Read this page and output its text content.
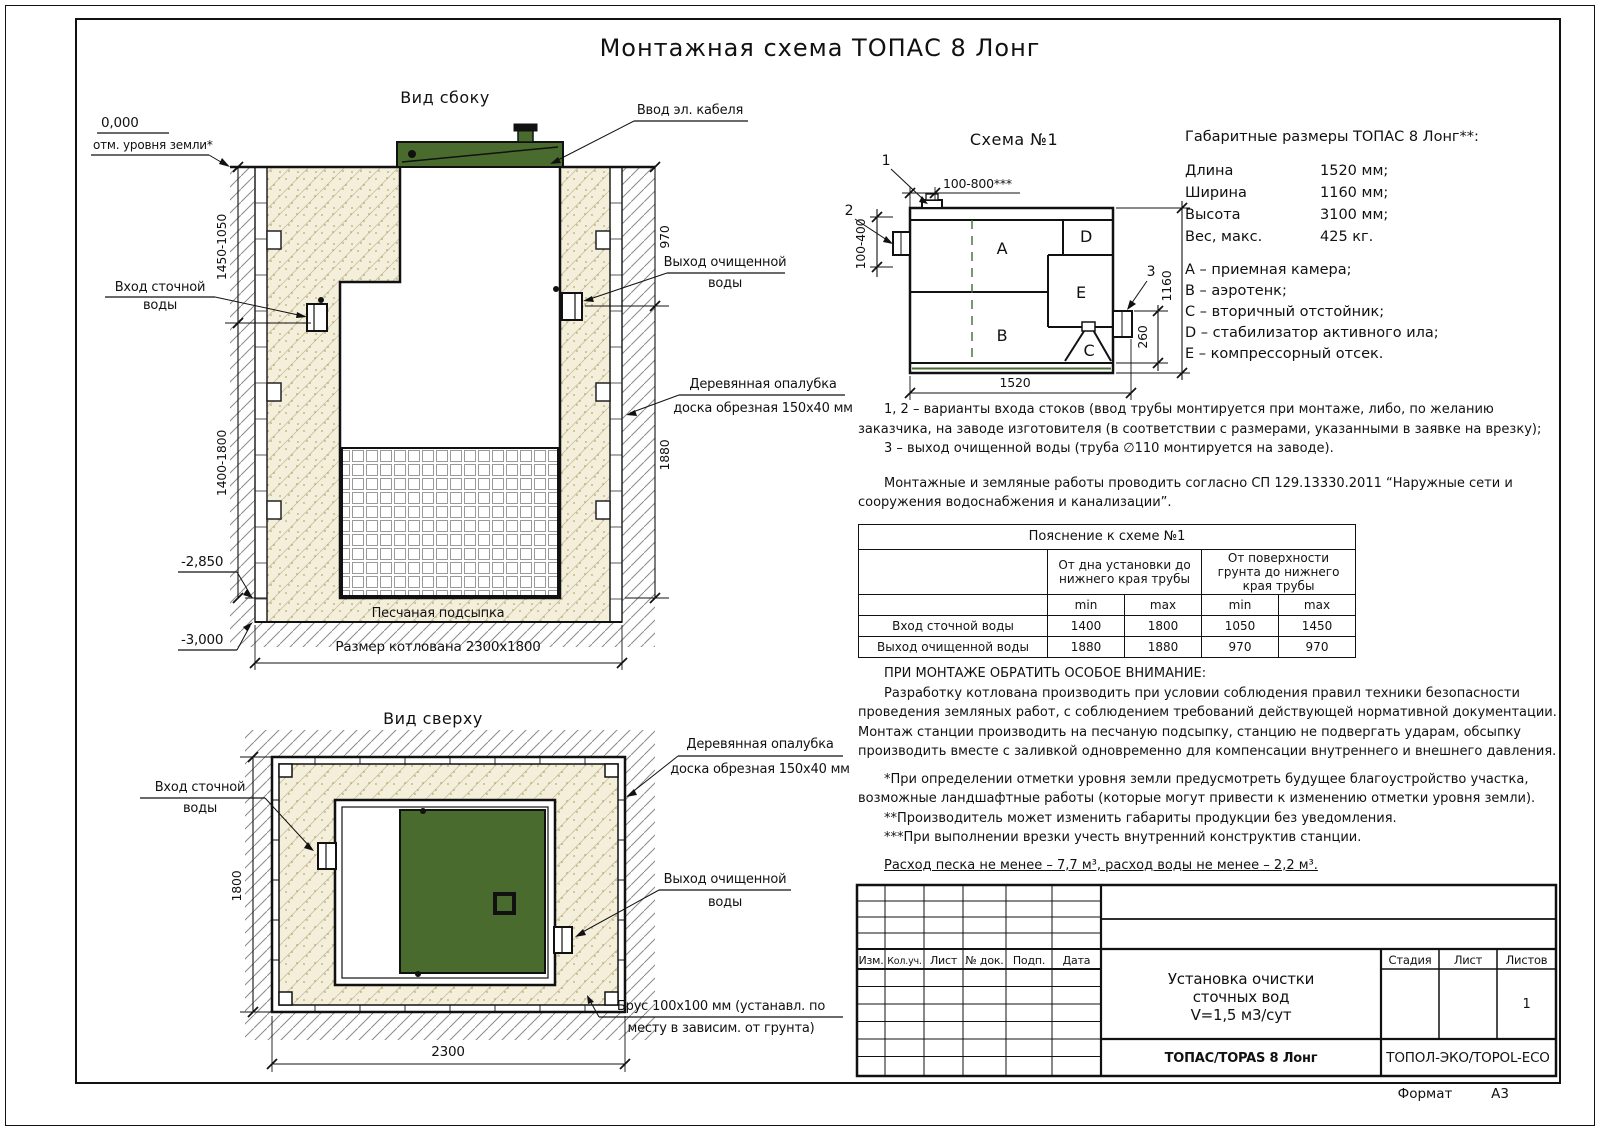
Монтажная схема ТОПАС 8 Лонг
Вид сбоку
Вид сверху
Схема №1
1450-1050
1400-1800
970
1880
0,000
отм. уровня земли*
-2,850
-3,000
Песчаная подсыпка
Размер котлована 2300x1800
Вход сточной
воды
Выход очищенной
воды
Ввод эл. кабеля
Деревянная опалубка
доска обрезная 150x40 мм
1800
2300
Вход сточной
воды
Деревянная опалубка
доска обрезная 150x40 мм
Выход очищенной
воды
Брус 100x100 мм (устанавл. по
месту в зависим. от грунта)
A
B
C
D
E
1
2
3
100-800***
100-400
1160
260
1520
Габаритные размеры ТОПАС 8 Лонг**:
Длина	1520 мм;
Ширина	1160 мм;
Высота	3100 мм;
Вес, макс.	425 кг.
A – приемная камера;
B – аэротенк;
C – вторичный отстойник;
D – стабилизатор активного ила;
E – компрессорный отсек.
1, 2 – варианты входа стоков (ввод трубы монтируется при монтаже, либо, по желанию заказчика, на заводе изготовителя (в соответствии с размерами, указанными в заявке на врезку);
3 – выход очищенной воды (труба ∅110 монтируется на заводе).
Монтажные и земляные работы проводить согласно СП 129.13330.2011 “Наружные сети и сооружения водоснабжения и канализации”.
Пояснение к схеме №1				
	От дна установки до нижнего края трубы		От поверхности грунта до нижнего края трубы	
	min	max	min	max
Вход сточной воды	1400	1800	1050	1450
Выход очищенной воды	1880	1880	970	970
ПРИ МОНТАЖЕ ОБРАТИТЬ ОСОБОЕ ВНИМАНИЕ:
Разработку котлована производить при условии соблюдения правил техники безопасности проведения земляных работ, с соблюдением требований действующей нормативной документации. Монтаж станции производить на песчаную подсыпку, станцию не подвергать ударам, обсыпку производить вместе с заливкой одновременно для компенсации внутреннего и внешнего давления.
*При определении отметки уровня земли предусмотреть будущее благоустройство участка, возможные ландшафтные работы (которые могут привести к изменению отметки уровня земли).
**Производитель может изменить габариты продукции без уведомления.
***При выполнении врезки учесть внутренний конструктив станции.
Расход песка не менее – 7,7 м³, расход воды не менее – 2,2 м³.
Изм. Кол.уч. Лист № док. Подп. Дата	Стадия Лист Листов
1
Установка очистки
сточных вод
V=1,5 м3/сут
ТОПАС/TOPAS 8 Лонг	ТОПОЛ-ЭКО/TOPOL-ECO
Формат	А3
